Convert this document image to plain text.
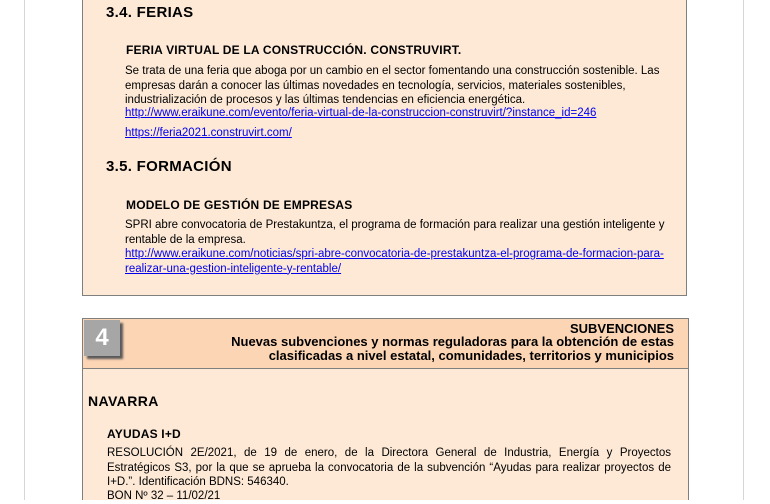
3.4. FERIAS
FERIA VIRTUAL DE LA CONSTRUCCIÓN. CONSTRUVIRT.
Se trata de una feria que aboga por un cambio en el sector fomentando una construcción sostenible. Las empresas darán a conocer las últimas novedades en tecnología, servicios, materiales sostenibles, industrialización de procesos y las últimas tendencias en eficiencia energética.
http://www.eraikune.com/evento/feria-virtual-de-la-construccion-construvirt/?instance_id=246
https://feria2021.construvirt.com/
3.5. FORMACIÓN
MODELO DE GESTIÓN DE EMPRESAS
SPRI abre convocatoria de Prestakuntza, el programa de formación para realizar una gestión inteligente y rentable de la empresa.
http://www.eraikune.com/noticias/spri-abre-convocatoria-de-prestakuntza-el-programa-de-formacion-para-realizar-una-gestion-inteligente-y-rentable/
4	SUBVENCIONES
Nuevas subvenciones y normas reguladoras para la obtención de estas clasificadas a nivel estatal, comunidades, territorios y municipios
NAVARRA
AYUDAS I+D
RESOLUCIÓN 2E/2021, de 19 de enero, de la Directora General de Industria, Energía y Proyectos Estratégicos S3, por la que se aprueba la convocatoria de la subvención “Ayudas para realizar proyectos de I+D.”. Identificación BDNS: 546340.
BON Nº 32 – 11/02/21
